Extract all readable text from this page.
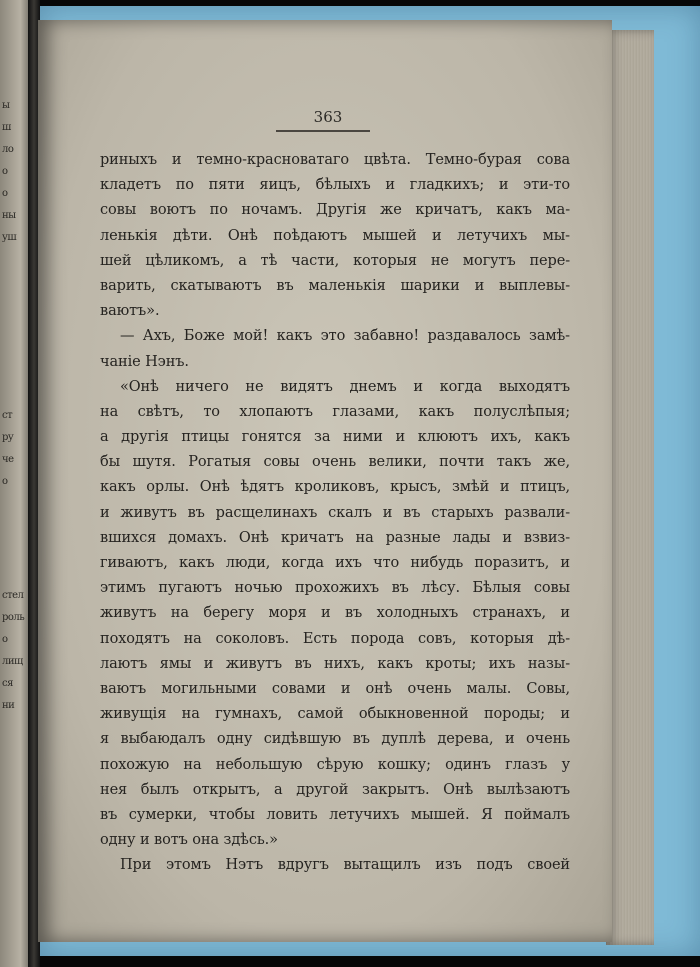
ы
ш
ло
о
о
ны
уш
ст
ру
че
о
стел
роль
о
лищ
ся
ни
363
риныхъ и темно-красноватаго цвѣта. Темно-бурая сова
кладетъ по пяти яицъ, бѣлыхъ и гладкихъ; и эти-то
совы воютъ по ночамъ. Другія же кричатъ, какъ ма-
ленькія дѣти. Онѣ поѣдаютъ мышей и летучихъ мы-
шей цѣликомъ, а тѣ части, которыя не могутъ пере-
варить, скатываютъ въ маленькія шарики и выплевы-
ваютъ».
— Ахъ, Боже мой! какъ это забавно! раздавалось замѣ-
чаніе Нэнъ.
«Онѣ ничего не видятъ днемъ и когда выходятъ
на свѣтъ, то хлопаютъ глазами, какъ полуслѣпыя;
а другія птицы гонятся за ними и клюютъ ихъ, какъ
бы шутя. Рогатыя совы очень велики, почти такъ же,
какъ орлы. Онѣ ѣдятъ кроликовъ, крысъ, змѣй и птицъ,
и живутъ въ расщелинахъ скалъ и въ старыхъ развали-
вшихся домахъ. Онѣ кричатъ на разные лады и взвиз-
гиваютъ, какъ люди, когда ихъ что нибудь поразитъ, и
этимъ пугаютъ ночью прохожихъ въ лѣсу. Бѣлыя совы
живутъ на берегу моря и въ холодныхъ странахъ, и
походятъ на соколовъ. Есть порода совъ, которыя дѣ-
лаютъ ямы и живутъ въ нихъ, какъ кроты; ихъ назы-
ваютъ могильными совами и онѣ очень малы. Совы,
живущія на гумнахъ, самой обыкновенной породы; и
я выбаюдалъ одну сидѣвшую въ дуплѣ дерева, и очень
похожую на небольшую сѣрую кошку; одинъ глазъ у
нея былъ открытъ, а другой закрытъ. Онѣ вылѣзаютъ
въ сумерки, чтобы ловить летучихъ мышей. Я поймалъ
одну и вотъ она здѣсь.»
При этомъ Нэтъ вдругъ вытащилъ изъ подъ своей
